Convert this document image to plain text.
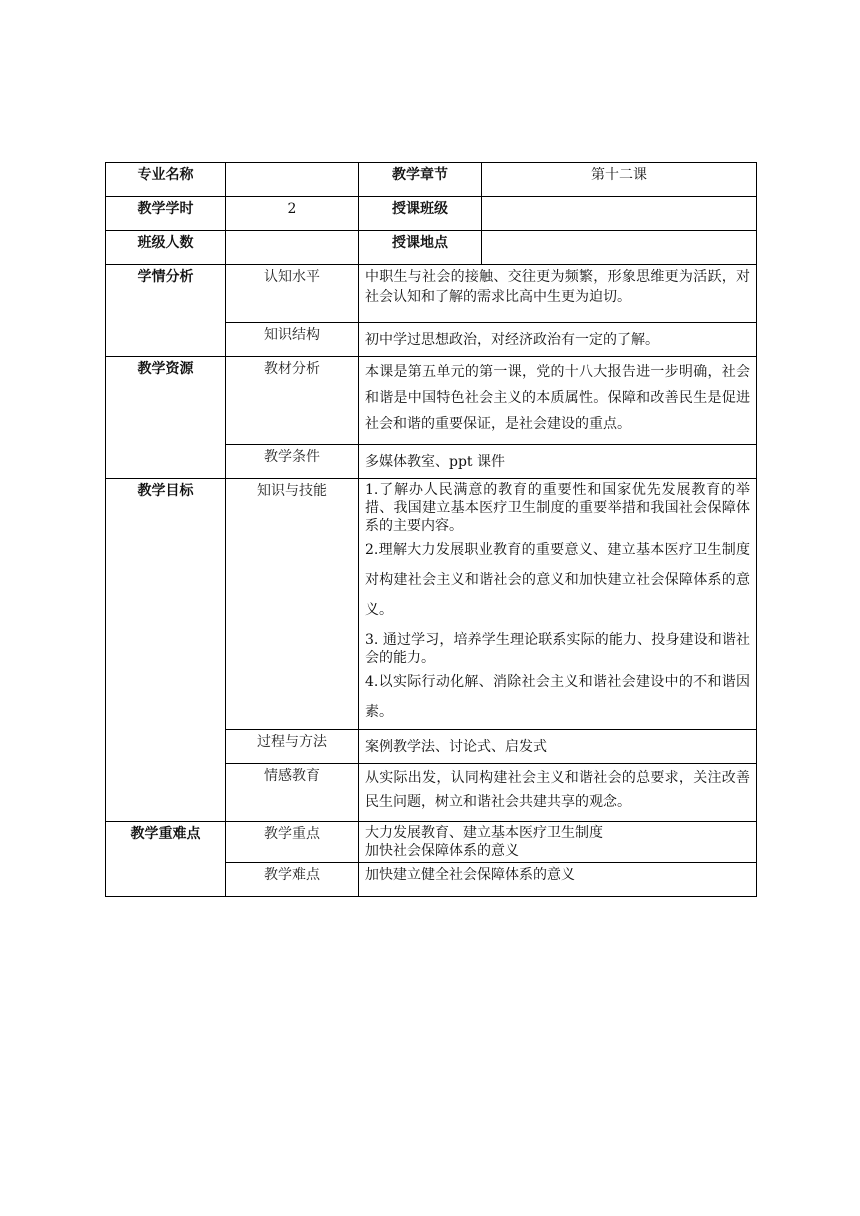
专业名称		教学章节	第十二课
教学学时	2	授课班级	
班级人数		授课地点	
学情分析	认知水平	中职生与社会的接触、交往更为频繁，形象思维更为活跃，对社会认知和了解的需求比高中生更为迫切。	
	知识结构	初中学过思想政治，对经济政治有一定的了解。	
教学资源	教材分析	本课是第五单元的第一课，党的十八大报告进一步明确，社会和谐是中国特色社会主义的本质属性。保障和改善民生是促进社会和谐的重要保证，是社会建设的重点。	
	教学条件	多媒体教室、ppt 课件	
教学目标	知识与技能	1.了解办人民满意的教育的重要性和国家优先发展教育的举措、我国建立基本医疗卫生制度的重要举措和我国社会保障体系的主要内容。
2.理解大力发展职业教育的重要意义、建立基本医疗卫生制度对构建社会主义和谐社会的意义和加快建立社会保障体系的意义。
3. 通过学习，培养学生理论联系实际的能力、投身建设和谐社会的能力。
4.以实际行动化解、消除社会主义和谐社会建设中的不和谐因素。	

	过程与方法	案例教学法、讨论式、启发式	
	情感教育	从实际出发，认同构建社会主义和谐社会的总要求，关注改善民生问题，树立和谐社会共建共享的观念。	
教学重难点	教学重点	大力发展教育、建立基本医疗卫生制度
加快社会保障体系的意义	

	教学难点	加快建立健全社会保障体系的意义	
